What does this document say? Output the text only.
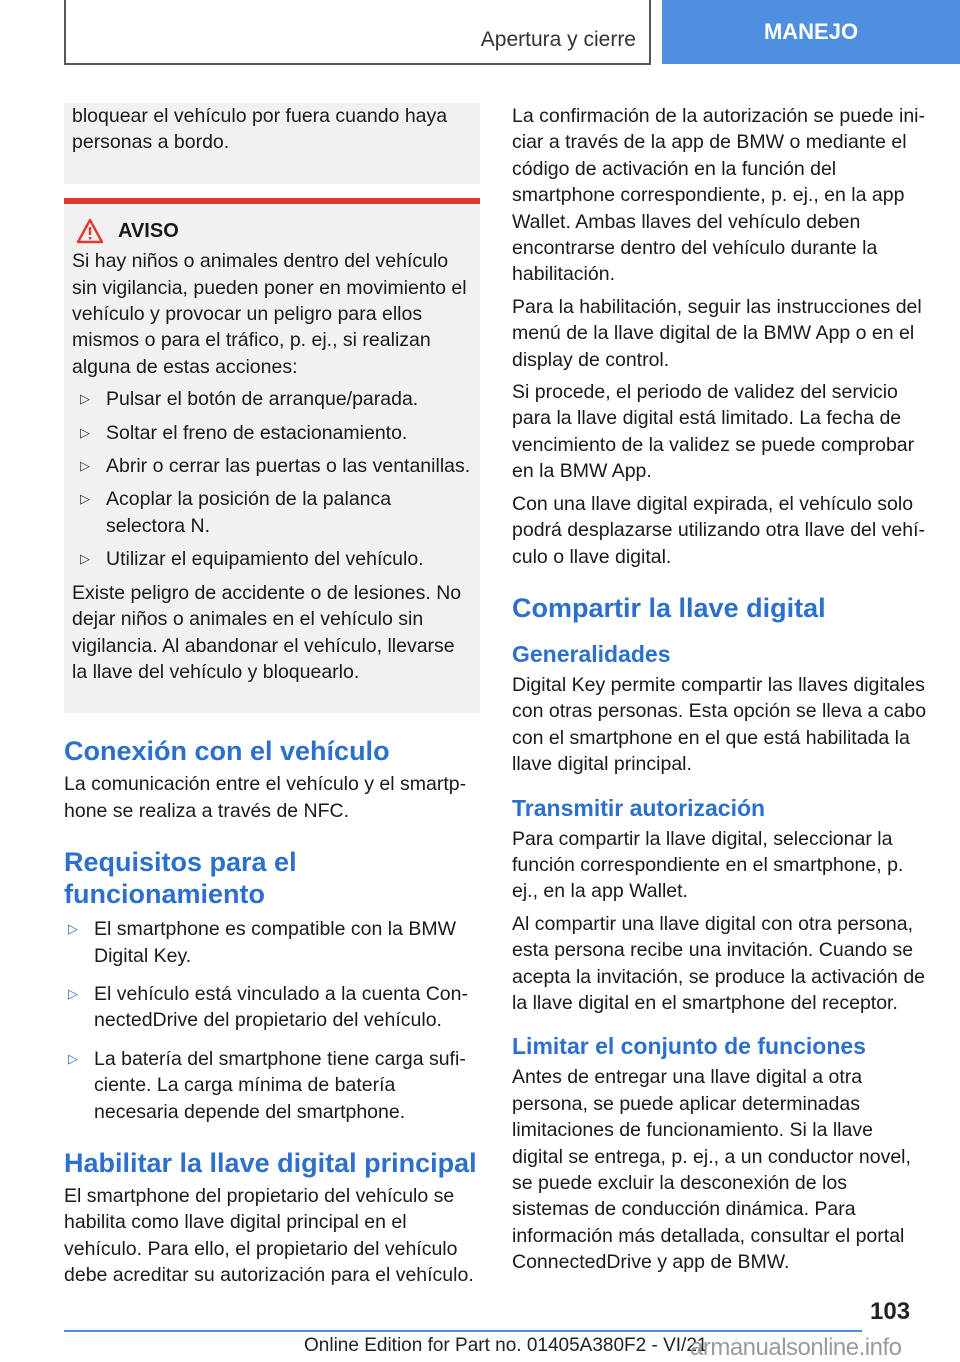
Apertura y cierre	MANEJO

bloquear el vehículo por fuera cuando haya personas a bordo.

AVISO

Si hay niños o animales dentro del vehículo sin vigilancia, pueden poner en movimiento el vehículo y provocar un peligro para ellos mismos o para el tráfico, p. ej., si realizan alguna de estas acciones:

▷ Pulsar el botón de arranque/parada.
▷ Soltar el freno de estacionamiento.
▷ Abrir o cerrar las puertas o las ventanillas.
▷ Acoplar la posición de la palanca selectora N.
▷ Utilizar el equipamiento del vehículo.

Existe peligro de accidente o de lesiones. No dejar niños o animales en el vehículo sin vigilancia. Al abandonar el vehículo, llevarse la llave del vehículo y bloquearlo.

Conexión con el vehículo

La comunicación entre el vehículo y el smartphone se realiza a través de NFC.

Requisitos para el funcionamiento
▷ El smartphone es compatible con la BMW Digital Key.
▷ El vehículo está vinculado a la cuenta ConnectedDrive del propietario del vehículo.
▷ La batería del smartphone tiene carga suficiente. La carga mínima de batería necesaria depende del smartphone.
Habilitar la llave digital principal

El smartphone del propietario del vehículo se habilita como llave digital principal en el vehículo. Para ello, el propietario del vehículo debe acreditar su autorización para el vehículo.

La confirmación de la autorización se puede iniciar a través de la app de BMW o mediante el código de activación en la función del smartphone correspondiente, p. ej., en la app Wallet. Ambas llaves del vehículo deben encontrarse dentro del vehículo durante la habilitación.

Para la habilitación, seguir las instrucciones del menú de la llave digital de la BMW App o en el display de control.

Si procede, el periodo de validez del servicio para la llave digital está limitado. La fecha de vencimiento de la validez se puede comprobar en la BMW App.

Con una llave digital expirada, el vehículo solo podrá desplazarse utilizando otra llave del vehículo o llave digital.

Compartir la llave digital
Generalidades

Digital Key permite compartir las llaves digitales con otras personas. Esta opción se lleva a cabo con el smartphone en el que está habilitada la llave digital principal.

Transmitir autorización

Para compartir la llave digital, seleccionar la función correspondiente en el smartphone, p. ej., en la app Wallet.

Al compartir una llave digital con otra persona, esta persona recibe una invitación. Cuando se acepta la invitación, se produce la activación de la llave digital en el smartphone del receptor.

Limitar el conjunto de funciones

Antes de entregar una llave digital a otra persona, se puede aplicar determinadas limitaciones de funcionamiento. Si la llave digital se entrega, p. ej., a un conductor novel, se puede excluir la desconexión de los sistemas de conducción dinámica. Para información más detallada, consultar el portal ConnectedDrive y app de BMW.

103
Online Edition for Part no. 01405A380F2 - VI/21
armanualsonline.info
